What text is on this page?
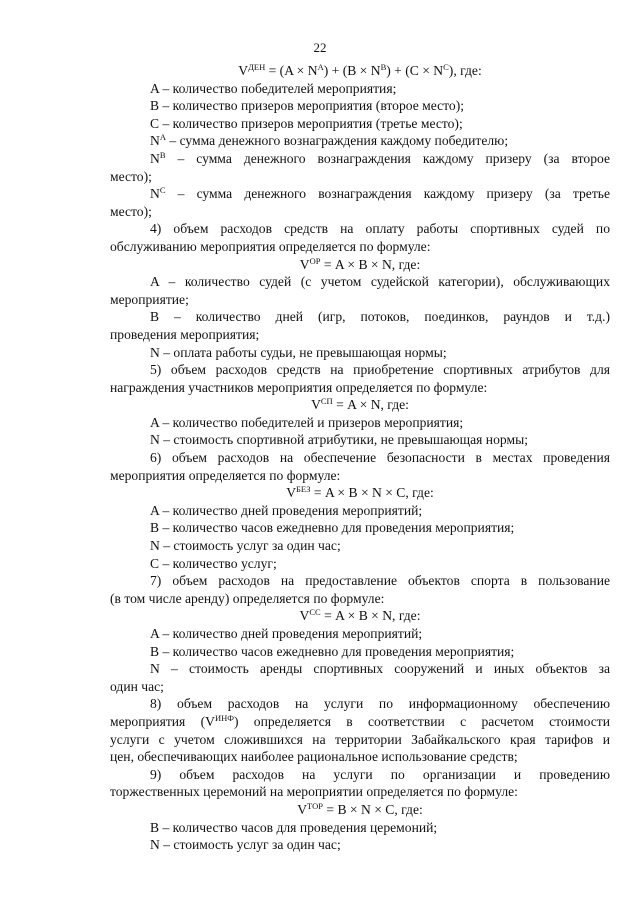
22

$V^{ДЕН} = (A \times N^A) + (B \times N^B) + (C \times N^C)$, где:

A – количество победителей мероприятия;

B – количество призеров мероприятия (второе место);

C – количество призеров мероприятия (третье место);

$N^A$ – сумма денежного вознаграждения каждому победителю;

$N^B$ – сумма денежного вознаграждения каждому призеру (за второе

место);

$N^C$ – сумма денежного вознаграждения каждому призеру (за третье

место);

4) объем расходов средств на оплату работы спортивных судей по

обслуживанию мероприятия определяется по формуле:

$V^{ОР} = A \times B \times N$, где:

A – количество судей (с учетом судейской категории), обслуживающих

мероприятие;

B – количество дней (игр, потоков, поединков, раундов и т.д.)

проведения мероприятия;

N – оплата работы судьи, не превышающая нормы;

5) объем расходов средств на приобретение спортивных атрибутов для

награждения участников мероприятия определяется по формуле:

$V^{СП} = A \times N$, где:

A – количество победителей и призеров мероприятия;

N – стоимость спортивной атрибутики, не превышающая нормы;

6) объем расходов на обеспечение безопасности в местах проведения

мероприятия определяется по формуле:

$V^{БЕЗ} = A \times B \times N \times C$, где:

A – количество дней проведения мероприятий;

B – количество часов ежедневно для проведения мероприятия;

N – стоимость услуг за один час;

C – количество услуг;

7) объем расходов на предоставление объектов спорта в пользование

(в том числе аренду) определяется по формуле:

$V^{СС} = A \times B \times N$, где:

A – количество дней проведения мероприятий;

B – количество часов ежедневно для проведения мероприятия;

N – стоимость аренды спортивных сооружений и иных объектов за

один час;

8) объем расходов на услуги по информационному обеспечению

мероприятия $(V^{ИНФ})$ определяется в соответствии с расчетом стоимости

услуги с учетом сложившихся на территории Забайкальского края тарифов и

цен, обеспечивающих наиболее рациональное использование средств;

9) объем расходов на услуги по организации и проведению

торжественных церемоний на мероприятии определяется по формуле:

$V^{ТОР} = B \times N \times C$, где:

B – количество часов для проведения церемоний;

N – стоимость услуг за один час;
